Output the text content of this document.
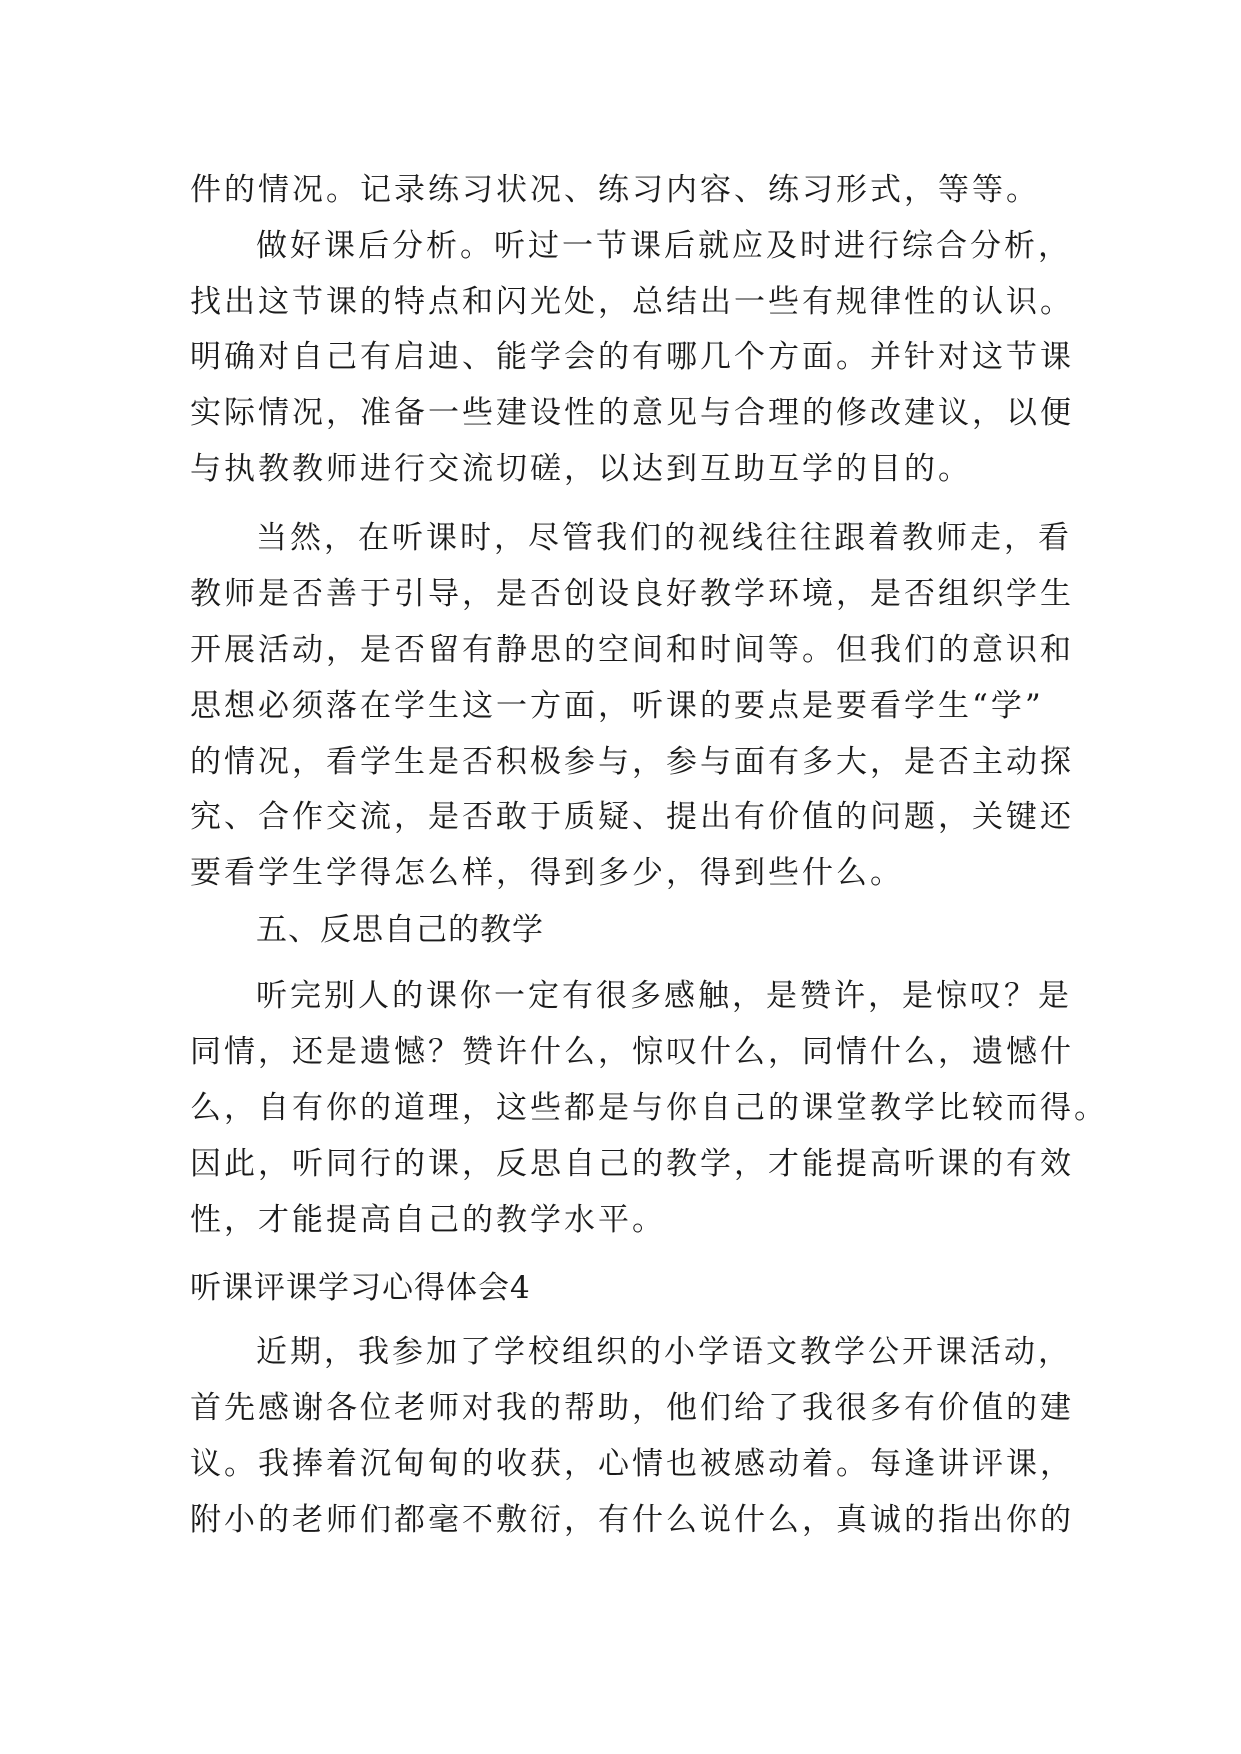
件的情况。记录练习状况、练习内容、练习形式，等等。
做好课后分析。听过一节课后就应及时进行综合分析，
找出这节课的特点和闪光处，总结出一些有规律性的认识。
明确对自己有启迪、能学会的有哪几个方面。并针对这节课
实际情况，准备一些建设性的意见与合理的修改建议，以便
与执教教师进行交流切磋，以达到互助互学的目的。
当然，在听课时，尽管我们的视线往往跟着教师走，看
教师是否善于引导，是否创设良好教学环境，是否组织学生
开展活动，是否留有静思的空间和时间等。但我们的意识和
思想必须落在学生这一方面，听课的要点是要看学生“学”
的情况，看学生是否积极参与，参与面有多大，是否主动探
究、合作交流，是否敢于质疑、提出有价值的问题，关键还
要看学生学得怎么样，得到多少，得到些什么。
五、反思自己的教学
听完别人的课你一定有很多感触，是赞许，是惊叹？是
同情，还是遗憾？赞许什么，惊叹什么，同情什么，遗憾什
么，自有你的道理，这些都是与你自己的课堂教学比较而得。
因此，听同行的课，反思自己的教学，才能提高听课的有效
性，才能提高自己的教学水平。
听课评课学习心得体会4
近期，我参加了学校组织的小学语文教学公开课活动，
首先感谢各位老师对我的帮助，他们给了我很多有价值的建
议。我捧着沉甸甸的收获，心情也被感动着。每逢讲评课，
附小的老师们都毫不敷衍，有什么说什么，真诚的指出你的
